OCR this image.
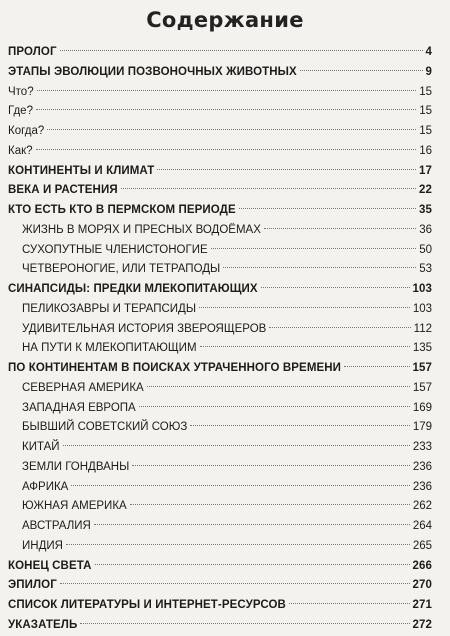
Содержание
ПРОЛОГ	4
ЭТАПЫ ЭВОЛЮЦИИ ПОЗВОНОЧНЫХ ЖИВОТНЫХ	9
Что?	15
Где?	15
Когда?	15
Как?	16
КОНТИНЕНТЫ И КЛИМАТ	17
ВЕКА И РАСТЕНИЯ	22
КТО ЕСТЬ КТО В ПЕРМСКОМ ПЕРИОДЕ	35
ЖИЗНЬ В МОРЯХ И ПРЕСНЫХ ВОДОЁМАХ	36
СУХОПУТНЫЕ ЧЛЕНИСТОНОГИЕ	50
ЧЕТВЕРОНОГИЕ, ИЛИ ТЕТРАПОДЫ	53
СИНАПСИДЫ: ПРЕДКИ МЛЕКОПИТАЮЩИХ	103
ПЕЛИКОЗАВРЫ И ТЕРАПСИДЫ	103
УДИВИТЕЛЬНАЯ ИСТОРИЯ ЗВЕРОЯЩЕРОВ	112
НА ПУТИ К МЛЕКОПИТАЮЩИМ	135
ПО КОНТИНЕНТАМ В ПОИСКАХ УТРАЧЕННОГО ВРЕМЕНИ	157
СЕВЕРНАЯ АМЕРИКА	157
ЗАПАДНАЯ ЕВРОПА	169
БЫВШИЙ СОВЕТСКИЙ СОЮЗ	179
КИТАЙ	233
ЗЕМЛИ ГОНДВАНЫ	236
АФРИКА	236
ЮЖНАЯ АМЕРИКА	262
АВСТРАЛИЯ	264
ИНДИЯ	265
КОНЕЦ СВЕТА	266
ЭПИЛОГ	270
СПИСОК ЛИТЕРАТУРЫ И ИНТЕРНЕТ-РЕСУРСОВ	271
УКАЗАТЕЛЬ	272
